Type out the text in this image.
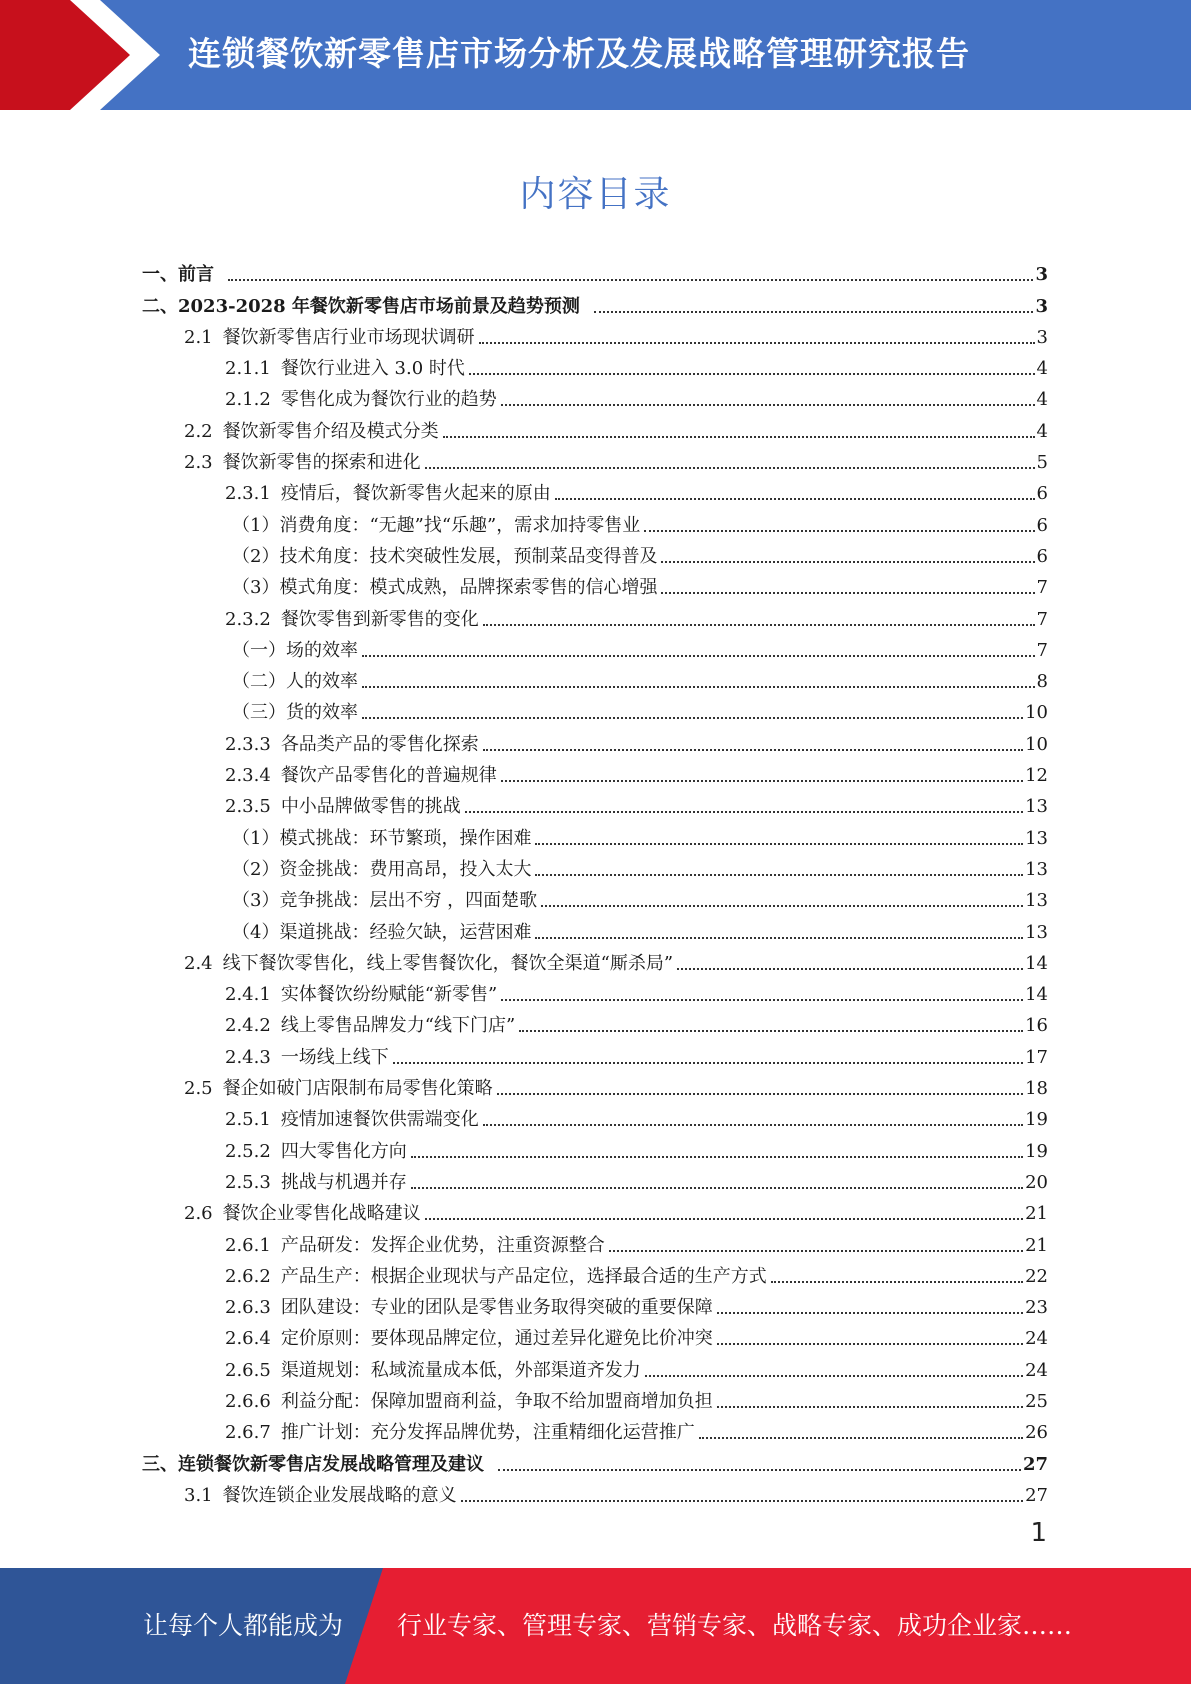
连锁餐饮新零售店市场分析及发展战略管理研究报告
内容目录
一、前言	3
二、2023-2028 年餐饮新零售店市场前景及趋势预测	3
2.1 餐饮新零售店行业市场现状调研	3
2.1.1 餐饮行业进入 3.0 时代	4
2.1.2 零售化成为餐饮行业的趋势	4
2.2 餐饮新零售介绍及模式分类	4
2.3 餐饮新零售的探索和进化	5
2.3.1 疫情后，餐饮新零售火起来的原由	6
（1）消费角度：“无趣”找“乐趣”，需求加持零售业	6
（2）技术角度：技术突破性发展，预制菜品变得普及	6
（3）模式角度：模式成熟，品牌探索零售的信心增强	7
2.3.2 餐饮零售到新零售的变化	7
（一）场的效率	7
（二）人的效率	8
（三）货的效率	10
2.3.3 各品类产品的零售化探索	10
2.3.4 餐饮产品零售化的普遍规律	12
2.3.5 中小品牌做零售的挑战	13
（1）模式挑战：环节繁琐，操作困难	13
（2）资金挑战：费用高昂，投入太大	13
（3）竞争挑战：层出不穷 ，四面楚歌	13
（4）渠道挑战：经验欠缺，运营困难	13
2.4 线下餐饮零售化，线上零售餐饮化，餐饮全渠道“厮杀局”	14
2.4.1 实体餐饮纷纷赋能“新零售”	14
2.4.2 线上零售品牌发力“线下门店”	16
2.4.3 一场线上线下	17
2.5 餐企如破门店限制布局零售化策略	18
2.5.1 疫情加速餐饮供需端变化	19
2.5.2 四大零售化方向	19
2.5.3 挑战与机遇并存	20
2.6 餐饮企业零售化战略建议	21
2.6.1 产品研发：发挥企业优势，注重资源整合	21
2.6.2 产品生产：根据企业现状与产品定位，选择最合适的生产方式	22
2.6.3 团队建设：专业的团队是零售业务取得突破的重要保障	23
2.6.4 定价原则：要体现品牌定位，通过差异化避免比价冲突	24
2.6.5 渠道规划：私域流量成本低，外部渠道齐发力	24
2.6.6 利益分配：保障加盟商利益，争取不给加盟商增加负担	25
2.6.7 推广计划：充分发挥品牌优势，注重精细化运营推广	26
三、连锁餐饮新零售店发展战略管理及建议	27
3.1 餐饮连锁企业发展战略的意义	27
1
让每个人都能成为 行业专家、管理专家、营销专家、战略专家、成功企业家……
